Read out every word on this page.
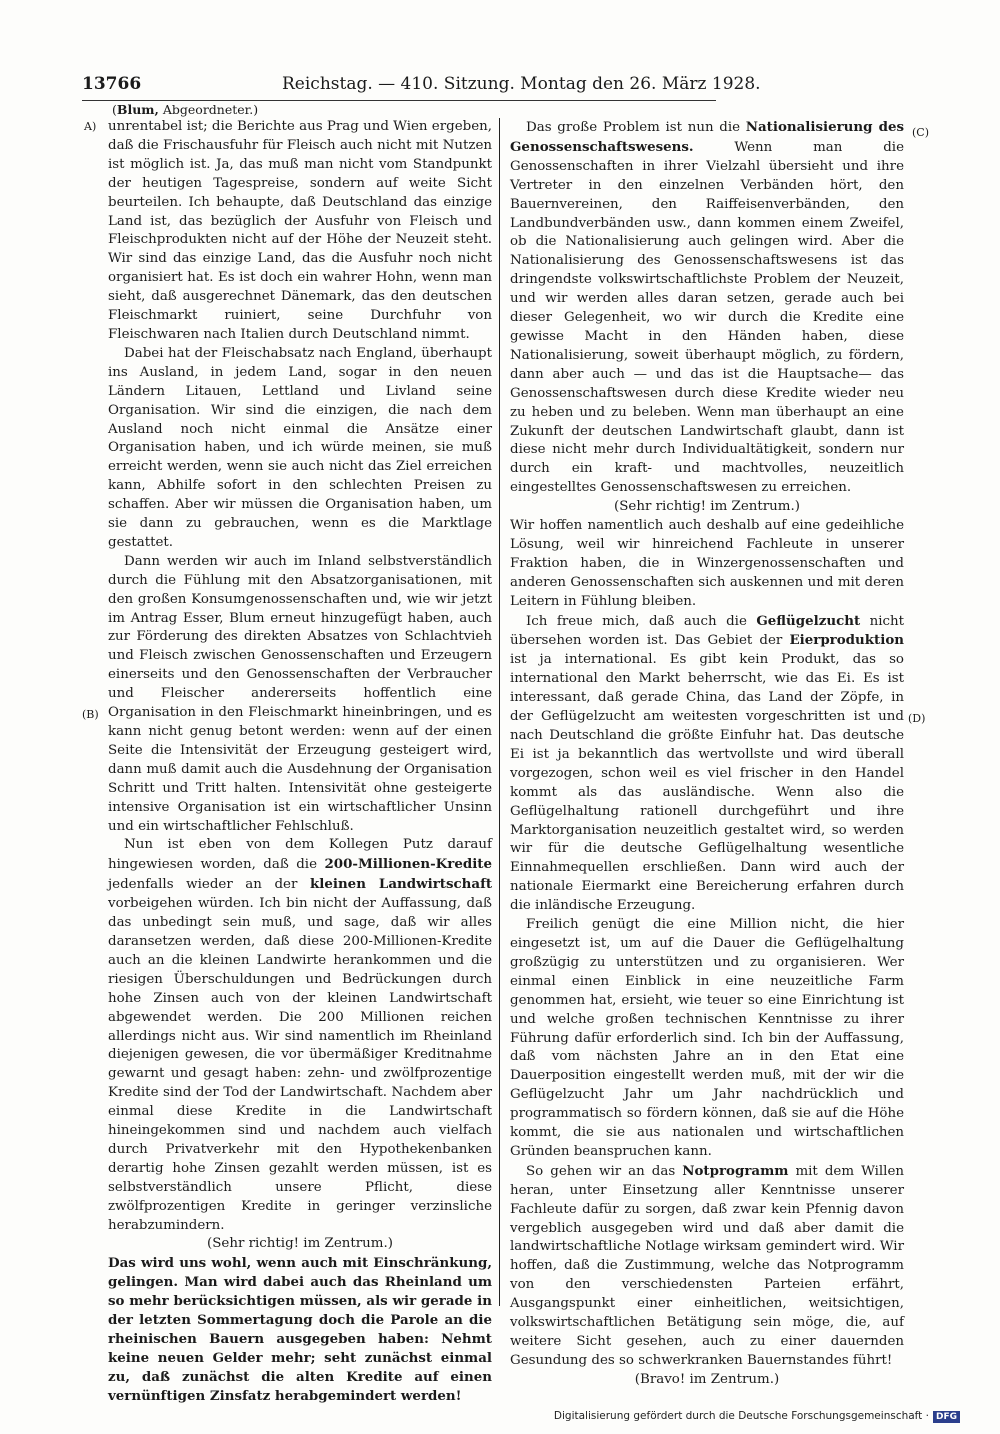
13766	Reichstag. — 410. Sitzung. Montag den 26. März 1928.
(Blum, Abgeordneter.)
A)
(B)
(C)
(D)

unrentabel ist; die Berichte aus Prag und Wien ergeben, daß die Frischausfuhr für Fleisch auch nicht mit Nutzen ist möglich ist. Ja, das muß man nicht vom Standpunkt der heutigen Tagespreise, sondern auf weite Sicht beurteilen. Ich behaupte, daß Deutschland das einzige Land ist, das bezüglich der Ausfuhr von Fleisch und Fleischprodukten nicht auf der Höhe der Neuzeit steht. Wir sind das einzige Land, das die Ausfuhr noch nicht organisiert hat. Es ist doch ein wahrer Hohn, wenn man sieht, daß ausgerechnet Dänemark, das den deutschen Fleischmarkt ruiniert, seine Durchfuhr von Fleischwaren nach Italien durch Deutschland nimmt.

Dabei hat der Fleischabsatz nach England, überhaupt ins Ausland, in jedem Land, sogar in den neuen Ländern Litauen, Lettland und Livland seine Organisation. Wir sind die einzigen, die nach dem Ausland noch nicht einmal die Ansätze einer Organisation haben, und ich würde meinen, sie muß erreicht werden, wenn sie auch nicht das Ziel erreichen kann, Abhilfe sofort in den schlechten Preisen zu schaffen. Aber wir müssen die Organisation haben, um sie dann zu gebrauchen, wenn es die Marktlage gestattet.

Dann werden wir auch im Inland selbstverständlich durch die Fühlung mit den Absatzorganisationen, mit den großen Konsumgenossenschaften und, wie wir jetzt im Antrag Esser, Blum erneut hinzugefügt haben, auch zur Förderung des direkten Absatzes von Schlachtvieh und Fleisch zwischen Genossenschaften und Erzeugern einerseits und den Genossenschaften der Verbraucher und Fleischer andererseits hoffentlich eine Organisation in den Fleischmarkt hineinbringen, und es kann nicht genug betont werden: wenn auf der einen Seite die Intensivität der Erzeugung gesteigert wird, dann muß damit auch die Ausdehnung der Organisation Schritt und Tritt halten. Intensivität ohne gesteigerte intensive Organisation ist ein wirtschaftlicher Unsinn und ein wirtschaftlicher Fehlschluß.

Nun ist eben von dem Kollegen Putz darauf hingewiesen worden, daß die 200-Millionen-Kredite jedenfalls wieder an der kleinen Landwirtschaft vorbeigehen würden. Ich bin nicht der Auffassung, daß das unbedingt sein muß, und sage, daß wir alles daransetzen werden, daß diese 200-Millionen-Kredite auch an die kleinen Landwirte herankommen und die riesigen Überschuldungen und Bedrückungen durch hohe Zinsen auch von der kleinen Landwirtschaft abgewendet werden. Die 200 Millionen reichen allerdings nicht aus. Wir sind namentlich im Rheinland diejenigen gewesen, die vor übermäßiger Kreditnahme gewarnt und gesagt haben: zehn- und zwölfprozentige Kredite sind der Tod der Landwirtschaft. Nachdem aber einmal diese Kredite in die Landwirtschaft hineingekommen sind und nachdem auch vielfach durch Privatverkehr mit den Hypothekenbanken derartig hohe Zinsen gezahlt werden müssen, ist es selbstverständlich unsere Pflicht, diese zwölfprozentigen Kredite in geringer verzinsliche herabzumindern.

(Sehr richtig! im Zentrum.)

Das wird uns wohl, wenn auch mit Einschränkung, gelingen. Man wird dabei auch das Rheinland um so mehr berücksichtigen müssen, als wir gerade in der letzten Sommertagung doch die Parole an die rheinischen Bauern ausgegeben haben: Nehmt keine neuen Gelder mehr; seht zunächst einmal zu, daß zunächst die alten Kredite auf einen vernünftigen Zinsfatz herabgemindert werden!

Das große Problem ist nun die Nationalisierung des Genossenschaftswesens. Wenn man die Genossenschaften in ihrer Vielzahl übersieht und ihre Vertreter in den einzelnen Verbänden hört, den Bauernvereinen, den Raiffeisenverbänden, den Landbundverbänden usw., dann kommen einem Zweifel, ob die Nationalisierung auch gelingen wird. Aber die Nationalisierung des Genossenschaftswesens ist das dringendste volkswirtschaftlichste Problem der Neuzeit, und wir werden alles daran setzen, gerade auch bei dieser Gelegenheit, wo wir durch die Kredite eine gewisse Macht in den Händen haben, diese Nationalisierung, soweit überhaupt möglich, zu fördern, dann aber auch — und das ist die Hauptsache— das Genossenschaftswesen durch diese Kredite wieder neu zu heben und zu beleben. Wenn man überhaupt an eine Zukunft der deutschen Landwirtschaft glaubt, dann ist diese nicht mehr durch Individualtätigkeit, sondern nur durch ein kraft- und machtvolles, neuzeitlich eingestelltes Genossenschaftswesen zu erreichen.

(Sehr richtig! im Zentrum.)

Wir hoffen namentlich auch deshalb auf eine gedeihliche Lösung, weil wir hinreichend Fachleute in unserer Fraktion haben, die in Winzergenossenschaften und anderen Genossenschaften sich auskennen und mit deren Leitern in Fühlung bleiben.

Ich freue mich, daß auch die Geflügelzucht nicht übersehen worden ist. Das Gebiet der Eierproduktion ist ja international. Es gibt kein Produkt, das so international den Markt beherrscht, wie das Ei. Es ist interessant, daß gerade China, das Land der Zöpfe, in der Geflügelzucht am weitesten vorgeschritten ist und nach Deutschland die größte Einfuhr hat. Das deutsche Ei ist ja bekanntlich das wertvollste und wird überall vorgezogen, schon weil es viel frischer in den Handel kommt als das ausländische. Wenn also die Geflügelhaltung rationell durchgeführt und ihre Marktorganisation neuzeitlich gestaltet wird, so werden wir für die deutsche Geflügelhaltung wesentliche Einnahmequellen erschließen. Dann wird auch der nationale Eiermarkt eine Bereicherung erfahren durch die inländische Erzeugung.

Freilich genügt die eine Million nicht, die hier eingesetzt ist, um auf die Dauer die Geflügelhaltung großzügig zu unterstützen und zu organisieren. Wer einmal einen Einblick in eine neuzeitliche Farm genommen hat, ersieht, wie teuer so eine Einrichtung ist und welche großen technischen Kenntnisse zu ihrer Führung dafür erforderlich sind. Ich bin der Auffassung, daß vom nächsten Jahre an in den Etat eine Dauerposition eingestellt werden muß, mit der wir die Geflügelzucht Jahr um Jahr nachdrücklich und programmatisch so fördern können, daß sie auf die Höhe kommt, die sie aus nationalen und wirtschaftlichen Gründen beanspruchen kann.

So gehen wir an das Notprogramm mit dem Willen heran, unter Einsetzung aller Kenntnisse unserer Fachleute dafür zu sorgen, daß zwar kein Pfennig davon vergeblich ausgegeben wird und daß aber damit die landwirtschaftliche Notlage wirksam gemindert wird. Wir hoffen, daß die Zustimmung, welche das Notprogramm von den verschiedensten Parteien erfährt, Ausgangspunkt einer einheitlichen, weitsichtigen, volkswirtschaftlichen Betätigung sein möge, die, auf weitere Sicht gesehen, auch zu einer dauernden Gesundung des so schwerkranken Bauernstandes führt!

(Bravo! im Zentrum.)

Digitalisierung gefördert durch die Deutsche Forschungsgemeinschaft · DFG
